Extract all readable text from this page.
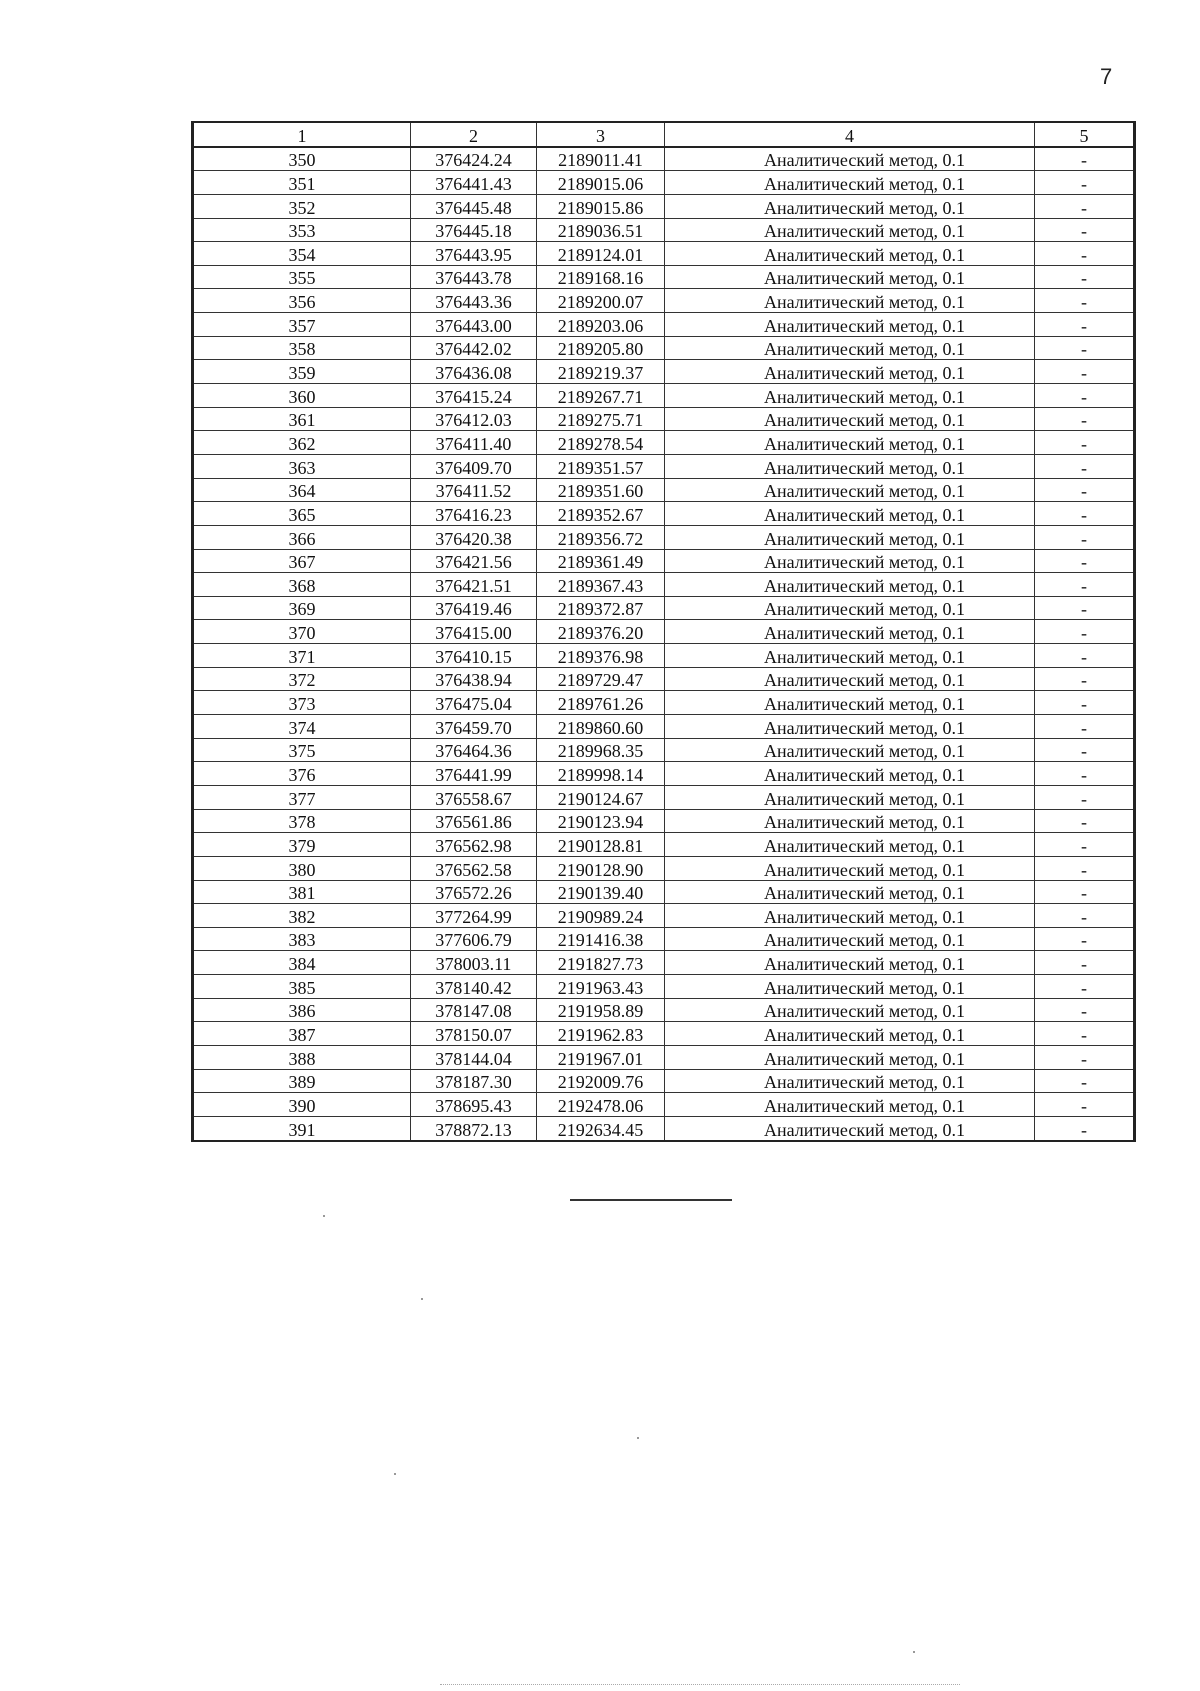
7
1	2	3	4	5
350	376424.24	2189011.41	Аналитический метод, 0.1	-
351	376441.43	2189015.06	Аналитический метод, 0.1	-
352	376445.48	2189015.86	Аналитический метод, 0.1	-
353	376445.18	2189036.51	Аналитический метод, 0.1	-
354	376443.95	2189124.01	Аналитический метод, 0.1	-
355	376443.78	2189168.16	Аналитический метод, 0.1	-
356	376443.36	2189200.07	Аналитический метод, 0.1	-
357	376443.00	2189203.06	Аналитический метод, 0.1	-
358	376442.02	2189205.80	Аналитический метод, 0.1	-
359	376436.08	2189219.37	Аналитический метод, 0.1	-
360	376415.24	2189267.71	Аналитический метод, 0.1	-
361	376412.03	2189275.71	Аналитический метод, 0.1	-
362	376411.40	2189278.54	Аналитический метод, 0.1	-
363	376409.70	2189351.57	Аналитический метод, 0.1	-
364	376411.52	2189351.60	Аналитический метод, 0.1	-
365	376416.23	2189352.67	Аналитический метод, 0.1	-
366	376420.38	2189356.72	Аналитический метод, 0.1	-
367	376421.56	2189361.49	Аналитический метод, 0.1	-
368	376421.51	2189367.43	Аналитический метод, 0.1	-
369	376419.46	2189372.87	Аналитический метод, 0.1	-
370	376415.00	2189376.20	Аналитический метод, 0.1	-
371	376410.15	2189376.98	Аналитический метод, 0.1	-
372	376438.94	2189729.47	Аналитический метод, 0.1	-
373	376475.04	2189761.26	Аналитический метод, 0.1	-
374	376459.70	2189860.60	Аналитический метод, 0.1	-
375	376464.36	2189968.35	Аналитический метод, 0.1	-
376	376441.99	2189998.14	Аналитический метод, 0.1	-
377	376558.67	2190124.67	Аналитический метод, 0.1	-
378	376561.86	2190123.94	Аналитический метод, 0.1	-
379	376562.98	2190128.81	Аналитический метод, 0.1	-
380	376562.58	2190128.90	Аналитический метод, 0.1	-
381	376572.26	2190139.40	Аналитический метод, 0.1	-
382	377264.99	2190989.24	Аналитический метод, 0.1	-
383	377606.79	2191416.38	Аналитический метод, 0.1	-
384	378003.11	2191827.73	Аналитический метод, 0.1	-
385	378140.42	2191963.43	Аналитический метод, 0.1	-
386	378147.08	2191958.89	Аналитический метод, 0.1	-
387	378150.07	2191962.83	Аналитический метод, 0.1	-
388	378144.04	2191967.01	Аналитический метод, 0.1	-
389	378187.30	2192009.76	Аналитический метод, 0.1	-
390	378695.43	2192478.06	Аналитический метод, 0.1	-
391	378872.13	2192634.45	Аналитический метод, 0.1	-
